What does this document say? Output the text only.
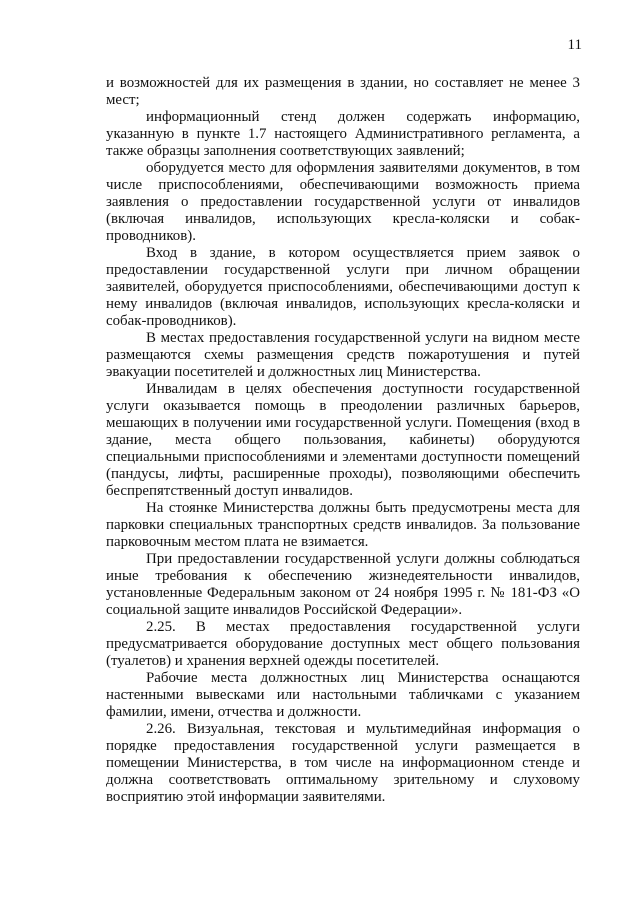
11

и возможностей для их размещения в здании, но составляет не менее 3 мест;

информационный стенд должен содержать информацию, указанную в пункте 1.7 настоящего Административного регламента, а также образцы заполнения соответствующих заявлений;

оборудуется место для оформления заявителями документов, в том числе приспособлениями, обеспечивающими возможность приема заявления о предоставлении государственной услуги от инвалидов (включая инвалидов, использующих кресла-коляски и собак-проводников).

Вход в здание, в котором осуществляется прием заявок о предоставлении государственной услуги при личном обращении заявителей, оборудуется приспособлениями, обеспечивающими доступ к нему инвалидов (включая инвалидов, использующих кресла-коляски и собак-проводников).

В местах предоставления государственной услуги на видном месте размещаются схемы размещения средств пожаротушения и путей эвакуации посетителей и должностных лиц Министерства.

Инвалидам в целях обеспечения доступности государственной услуги оказывается помощь в преодолении различных барьеров, мешающих в получении ими государственной услуги. Помещения (вход в здание, места общего пользования, кабинеты) оборудуются специальными приспособлениями и элементами доступности помещений (пандусы, лифты, расширенные проходы), позволяющими обеспечить беспрепятственный доступ инвалидов.

На стоянке Министерства должны быть предусмотрены места для парковки специальных транспортных средств инвалидов. За пользование парковочным местом плата не взимается.

При предоставлении государственной услуги должны соблюдаться иные требования к обеспечению жизнедеятельности инвалидов, установленные Федеральным законом от 24 ноября 1995 г. № 181-ФЗ «О социальной защите инвалидов Российской Федерации».

2.25. В местах предоставления государственной услуги предусматривается оборудование доступных мест общего пользования (туалетов) и хранения верхней одежды посетителей.

Рабочие места должностных лиц Министерства оснащаются настенными вывесками или настольными табличками с указанием фамилии, имени, отчества и должности.

2.26. Визуальная, текстовая и мультимедийная информация о порядке предоставления государственной услуги размещается в помещении Министерства, в том числе на информационном стенде и должна соответствовать оптимальному зрительному и слуховому восприятию этой информации заявителями.
